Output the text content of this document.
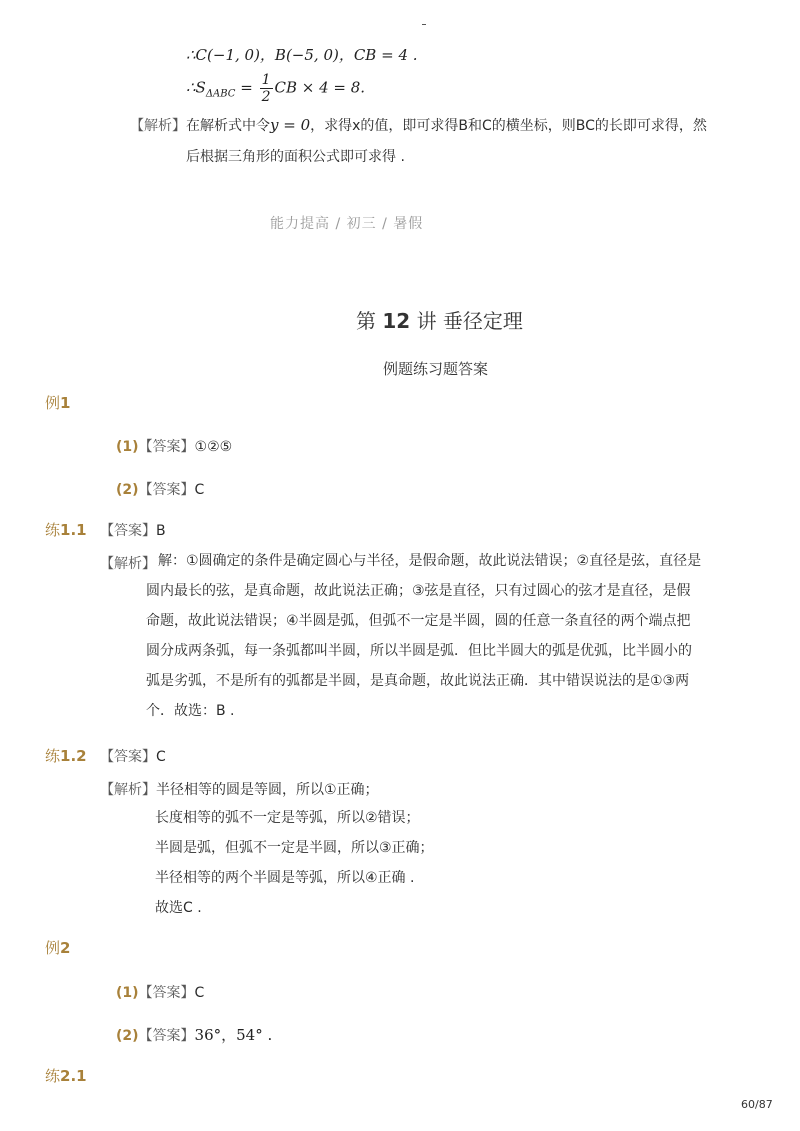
∴C(−1, 0)，B(−5, 0)，CB = 4 .
$\therefore S_{\Delta ABC} = \frac{1}{2}$ CB × 4 = 8.
【解析】在解析式中令y = 0，求得x的值，即可求得B和C的横坐标，则BC的长即可求得，然
后根据三角形的面积公式即可求得 .
能力提高 / 初三 / 暑假
第 12 讲 垂径定理
例题练习题答案
例1
(1)【答案】①②⑤
(2)【答案】C
练1.1 【答案】B
【解析】 解：①圆确定的条件是确定圆心与半径，是假命题，故此说法错误；②直径是弦，直径是
圆内最长的弦，是真命题，故此说法正确；③弦是直径，只有过圆心的弦才是直径，是假
命题，故此说法错误；④半圆是弧，但弧不一定是半圆，圆的任意一条直径的两个端点把
圆分成两条弧，每一条弧都叫半圆，所以半圆是弧．但比半圆大的弧是优弧，比半圆小的
弧是劣弧，不是所有的弧都是半圆，是真命题，故此说法正确．其中错误说法的是①③两
个．故选：B .
练1.2 【答案】C
【解析】半径相等的圆是等圆，所以①正确；
长度相等的弧不一定是等弧，所以②错误；
半圆是弧，但弧不一定是半圆，所以③正确；
半径相等的两个半圆是等弧，所以④正确 .
故选C .
例2
(1)【答案】C
(2)【答案】36°，54° .
练2.1
60/87
